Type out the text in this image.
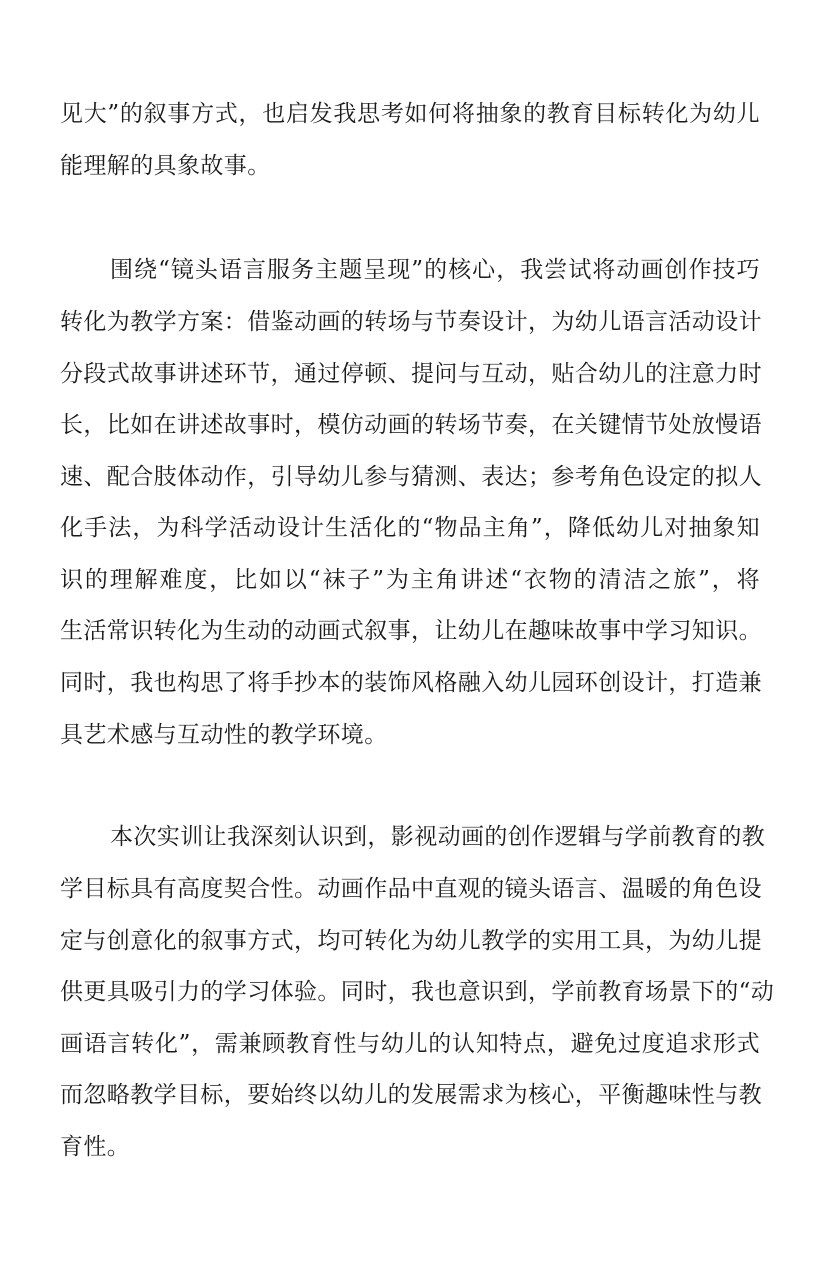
见大”的叙事方式，也启发我思考如何将抽象的教育目标转化为幼儿
能理解的具象故事。
围绕“镜头语言服务主题呈现”的核心，我尝试将动画创作技巧
转化为教学方案：借鉴动画的转场与节奏设计，为幼儿语言活动设计
分段式故事讲述环节，通过停顿、提问与互动，贴合幼儿的注意力时
长，比如在讲述故事时，模仿动画的转场节奏，在关键情节处放慢语
速、配合肢体动作，引导幼儿参与猜测、表达；参考角色设定的拟人
化手法，为科学活动设计生活化的“物品主角”，降低幼儿对抽象知
识的理解难度，比如以“袜子”为主角讲述“衣物的清洁之旅”，将
生活常识转化为生动的动画式叙事，让幼儿在趣味故事中学习知识。
同时，我也构思了将手抄本的装饰风格融入幼儿园环创设计，打造兼
具艺术感与互动性的教学环境。
本次实训让我深刻认识到，影视动画的创作逻辑与学前教育的教
学目标具有高度契合性。动画作品中直观的镜头语言、温暖的角色设
定与创意化的叙事方式，均可转化为幼儿教学的实用工具，为幼儿提
供更具吸引力的学习体验。同时，我也意识到，学前教育场景下的“动
画语言转化”，需兼顾教育性与幼儿的认知特点，避免过度追求形式
而忽略教学目标，要始终以幼儿的发展需求为核心，平衡趣味性与教
育性。
